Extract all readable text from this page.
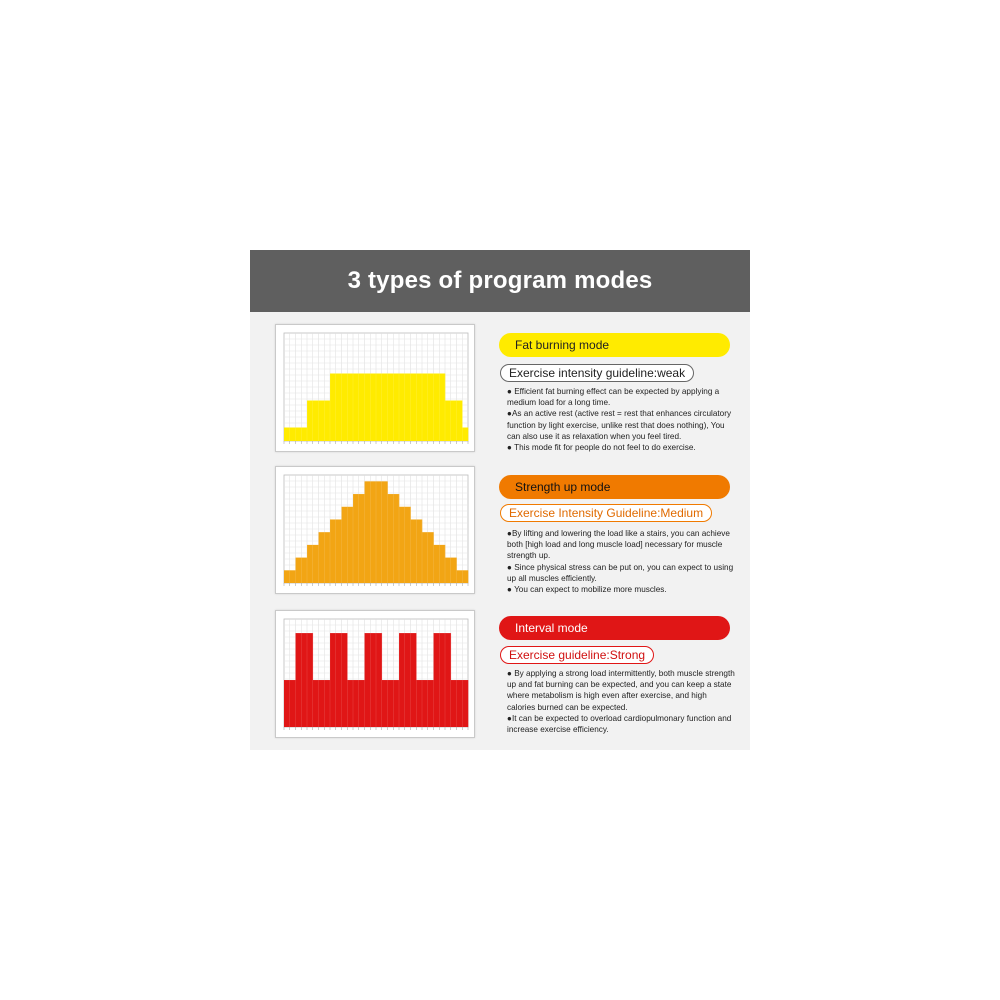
3 types of program modes
Fat burning mode
Exercise intensity guideline:weak

● Efficient fat burning effect can be expected by applying a medium load for a long time.

●As an active rest (active rest = rest that enhances circulatory function by light exercise, unlike rest that does nothing), You can also use it as relaxation when you feel tired.

● This mode fit for people do not feel to do exercise.

Strength up mode
Exercise Intensity Guideline:Medium

●By lifting and lowering the load like a stairs, you can achieve both [high load and long muscle load] necessary for muscle strength up.

● Since physical stress can be put on, you can expect to using up all muscles efficiently.

● You can expect to mobilize more muscles.

Interval mode
Exercise guideline:Strong

● By applying a strong load intermittently, both muscle strength up and fat burning can be expected, and you can keep a state where metabolism is high even after exercise, and high calories burned can be expected.

●It can be expected to overload cardiopulmonary function and increase exercise efficiency.
